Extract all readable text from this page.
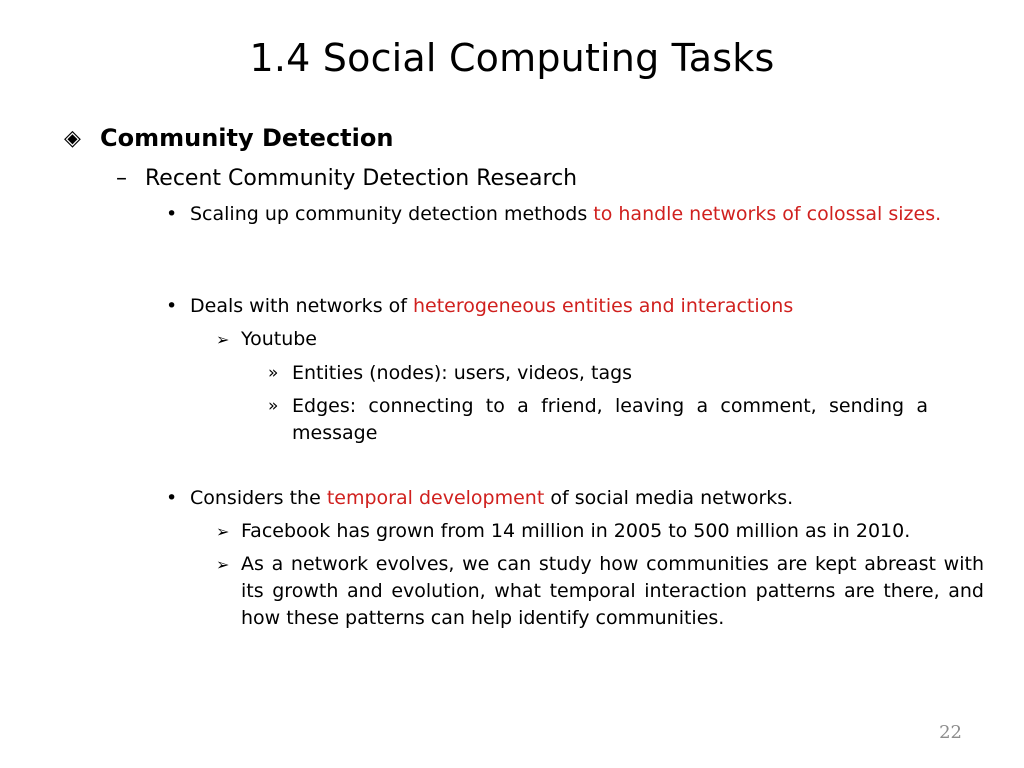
1.4 Social Computing Tasks
◈ Community Detection
– Recent Community Detection Research
• Scaling up community detection methods to handle networks of colossal sizes.
• Deals with networks of heterogeneous entities and interactions
➢ Youtube
» Entities (nodes): users, videos, tags
» Edges: connecting to a friend, leaving a comment, sending a message
• Considers the temporal development of social media networks.
➢ Facebook has grown from 14 million in 2005 to 500 million as in 2010.
➢ As a network evolves, we can study how communities are kept abreast with its growth and evolution, what temporal interaction patterns are there, and how these patterns can help identify communities.
22
